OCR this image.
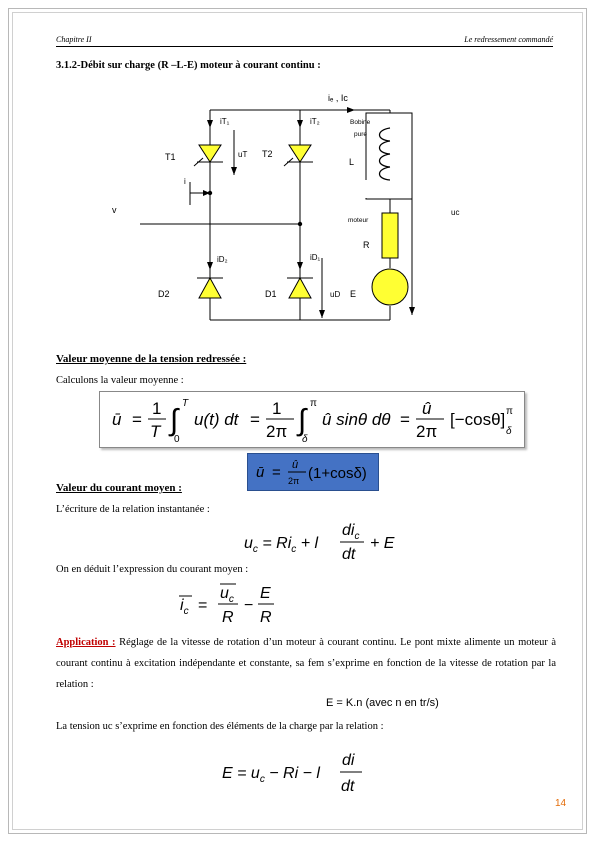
Chapitre II	Le redressement commandé
3.1.2-Débit sur charge (R –L-E) moteur à courant continu :
iₑ , Ic
iT₁	iT₂
uT
T1	T2
i
v
Bobine
pure
L
uc
moteur
R
iD₂	iD₁
D2	D1	uD E
Valeur moyenne de la tension redressée :
Calculons la valeur moyenne :
ū =
1
T ∫
T
0
u(t) dt =
1
2π ∫
π
δ
û sinθ dθ =
û
2π
[−cosθ] π
δ
ū = û
2π (1+cosδ)
Valeur du courant moyen :
L’écriture de la relation instantanée :
$u_c = Ri_c + l$
$di_c$
dt
+ E
On en déduit l’expression du courant moyen :
$i_c$ =
$u_c$
R
−
E
R
Application : Réglage de la vitesse de rotation d’un moteur à courant continu. Le pont mixte alimente un moteur à courant continu à excitation indépendante et constante, sa fem s’exprime en fonction de la vitesse de rotation par la relation :
E = K.n (avec n en tr/s)
La tension uc s’exprime en fonction des éléments de la charge par la relation :
$E = u_c - Ri - l$
di
dt
14
